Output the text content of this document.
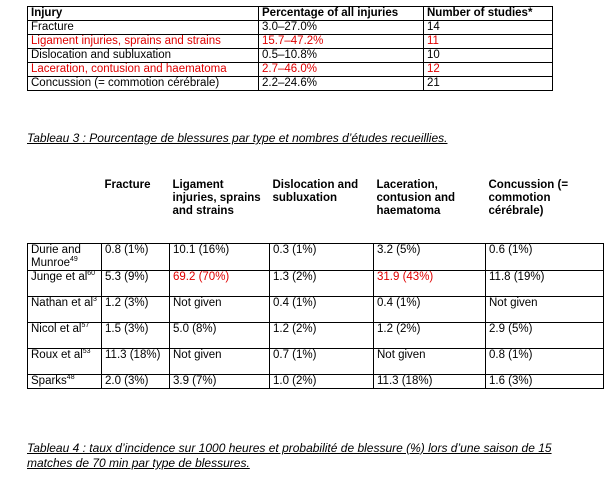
Injury	Percentage of all injuries	Number of studies*
Fracture	3.0–27.0%	14
Ligament injuries, sprains and strains	15.7–47.2%	11
Dislocation and subluxation	0.5–10.8%	10
Laceration, contusion and haematoma	2.7–46.0%	12
Concussion (= commotion cérébrale)	2.2–24.6%	21

Tableau 3 : Pourcentage de blessures par type et nombres d’études recueillies.

	Fracture	Ligament injuries, sprains and strains	Dislocation and subluxation	Laceration, contusion and haematoma	Concussion (= commotion cérébrale)
Durie and Munroe$^{49}$	0.8 (1%)	10.1 (16%)	0.3 (1%)	3.2 (5%)	0.6 (1%)
Junge et $al^{60}$	5.3 (9%)	69.2 (70%)	1.3 (2%)	31.9 (43%)	11.8 (19%)
Nathan et $al^3$	1.2 (3%)	Not given	0.4 (1%)	0.4 (1%)	Not given
Nicol et $al^{57}$	1.5 (3%)	5.0 (8%)	1.2 (2%)	1.2 (2%)	2.9 (5%)
Roux et $al^{53}$	11.3 (18%)	Not given	0.7 (1%)	Not given	0.8 (1%)
Sparks$^{48}$	2.0 (3%)	3.9 (7%)	1.0 (2%)	11.3 (18%)	1.6 (3%)

Tableau 4 : taux d’incidence sur 1000 heures et probabilité de blessure (%) lors d’une saison de 15 matches de 70 min par type de blessures.
